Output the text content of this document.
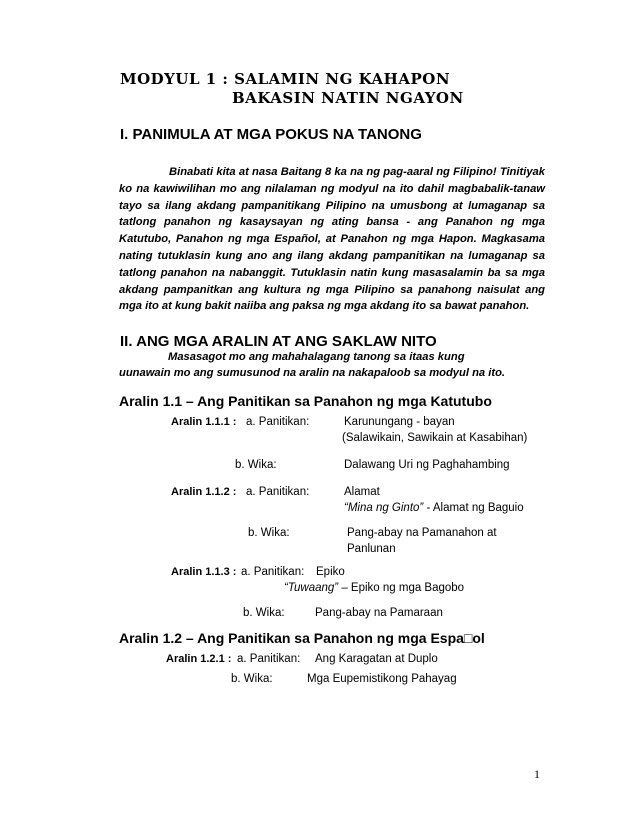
MODYUL 1 : SALAMIN NG KAHAPON
BAKASIN NATIN NGAYON
I. PANIMULA AT MGA POKUS NA TANONG
Binabati kita at nasa Baitang 8 ka na ng pag-aaral ng Filipino! Tinitiyak ko na kawiwilihan mo ang nilalaman ng modyul na ito dahil magbabalik-tanaw tayo sa ilang akdang pampanitikang Pilipino na umusbong at lumaganap sa tatlong panahon ng kasaysayan ng ating bansa - ang Panahon ng mga Katutubo, Panahon ng mga Español, at Panahon ng mga Hapon. Magkasama nating tutuklasin kung ano ang ilang akdang pampanitikan na lumaganap sa tatlong panahon na nabanggit. Tutuklasin natin kung masasalamin ba sa mga akdang pampanitkan ang kultura ng mga Pilipino sa panahong naisulat ang mga ito at kung bakit naiiba ang paksa ng mga akdang ito sa bawat panahon.
II. ANG MGA ARALIN AT ANG SAKLAW NITO
Masasagot mo ang mahahalagang tanong sa itaas kung
uunawain mo ang sumusunod na aralin na nakapaloob sa modyul na ito.
Aralin 1.1 – Ang Panitikan sa Panahon ng mga Katutubo
Aralin 1.1.1 : a. Panitikan:	Karunungang - bayan
(Salawikain, Sawikain at Kasabihan)
b. Wika:	Dalawang Uri ng Paghahambing
Aralin 1.1.2 : a. Panitikan:	Alamat
“Mina ng Ginto” - Alamat ng Baguio
b. Wika:	Pang-abay na Pamanahon at
Panlunan
Aralin 1.1.3 : a. Panitikan: Epiko
“Tuwaang” – Epiko ng mga Bagobo
b. Wika:	Pang-abay na Pamaraan
Aralin 1.2 – Ang Panitikan sa Panahon ng mga Espa□ol
Aralin 1.2.1 : a. Panitikan: Ang Karagatan at Duplo
b. Wika:	Mga Eupemistikong Pahayag
1
